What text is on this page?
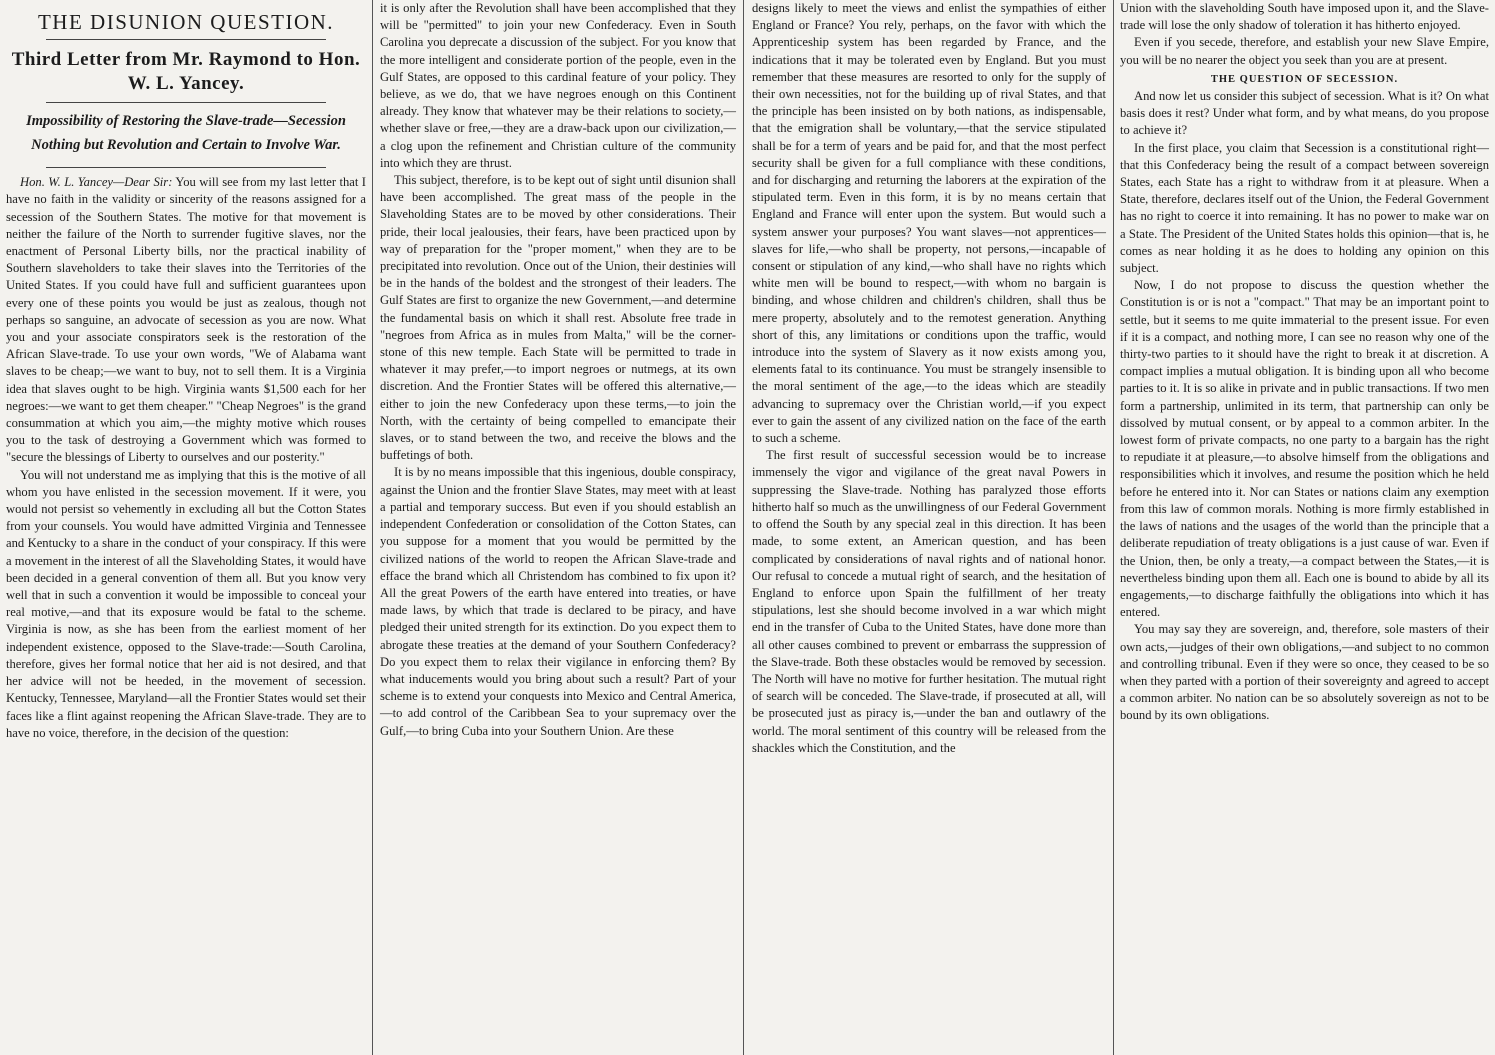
THE DISUNION QUESTION.
Third Letter from Mr. Raymond to Hon. W. L. Yancey.
Impossibility of Restoring the Slave-trade—Secession Nothing but Revolution and Certain to Involve War.

Hon. W. L. Yancey—Dear Sir: You will see from my last letter that I have no faith in the validity or sincerity of the reasons assigned for a secession of the Southern States. The motive for that movement is neither the failure of the North to surrender fugitive slaves, nor the enactment of Personal Liberty bills, nor the practical inability of Southern slaveholders to take their slaves into the Territories of the United States. If you could have full and sufficient guarantees upon every one of these points you would be just as zealous, though not perhaps so sanguine, an advocate of secession as you are now. What you and your associate conspirators seek is the restoration of the African Slave-trade. To use your own words, "We of Alabama want slaves to be cheap;—we want to buy, not to sell them. It is a Virginia idea that slaves ought to be high. Virginia wants $1,500 each for her negroes:—we want to get them cheaper." "Cheap Negroes" is the grand consummation at which you aim,—the mighty motive which rouses you to the task of destroying a Government which was formed to "secure the blessings of Liberty to ourselves and our posterity."

You will not understand me as implying that this is the motive of all whom you have enlisted in the secession movement. If it were, you would not persist so vehemently in excluding all but the Cotton States from your counsels. You would have admitted Virginia and Tennessee and Kentucky to a share in the conduct of your conspiracy. If this were a movement in the interest of all the Slaveholding States, it would have been decided in a general convention of them all. But you know very well that in such a convention it would be impossible to conceal your real motive,—and that its exposure would be fatal to the scheme. Virginia is now, as she has been from the earliest moment of her independent existence, opposed to the Slave-trade:—South Carolina, therefore, gives her formal notice that her aid is not desired, and that her advice will not be heeded, in the movement of secession. Kentucky, Tennessee, Maryland—all the Frontier States would set their faces like a flint against reopening the African Slave-trade. They are to have no voice, therefore, in the decision of the question:

it is only after the Revolution shall have been accomplished that they will be "permitted" to join your new Confederacy. Even in South Carolina you deprecate a discussion of the subject. For you know that the more intelligent and considerate portion of the people, even in the Gulf States, are opposed to this cardinal feature of your policy. They believe, as we do, that we have negroes enough on this Continent already. They know that whatever may be their relations to society,—whether slave or free,—they are a draw-back upon our civilization,—a clog upon the refinement and Christian culture of the community into which they are thrust.

This subject, therefore, is to be kept out of sight until disunion shall have been accomplished. The great mass of the people in the Slaveholding States are to be moved by other considerations. Their pride, their local jealousies, their fears, have been practiced upon by way of preparation for the "proper moment," when they are to be precipitated into revolution. Once out of the Union, their destinies will be in the hands of the boldest and the strongest of their leaders. The Gulf States are first to organize the new Government,—and determine the fundamental basis on which it shall rest. Absolute free trade in "negroes from Africa as in mules from Malta," will be the corner-stone of this new temple. Each State will be permitted to trade in whatever it may prefer,—to import negroes or nutmegs, at its own discretion. And the Frontier States will be offered this alternative,—either to join the new Confederacy upon these terms,—to join the North, with the certainty of being compelled to emancipate their slaves, or to stand between the two, and receive the blows and the buffetings of both.

It is by no means impossible that this ingenious, double conspiracy, against the Union and the frontier Slave States, may meet with at least a partial and temporary success. But even if you should establish an independent Confederation or consolidation of the Cotton States, can you suppose for a moment that you would be permitted by the civilized nations of the world to reopen the African Slave-trade and efface the brand which all Christendom has combined to fix upon it? All the great Powers of the earth have entered into treaties, or have made laws, by which that trade is declared to be piracy, and have pledged their united strength for its extinction. Do you expect them to abrogate these treaties at the demand of your Southern Confederacy? Do you expect them to relax their vigilance in enforcing them? By what inducements would you bring about such a result? Part of your scheme is to extend your conquests into Mexico and Central America,—to add control of the Caribbean Sea to your supremacy over the Gulf,—to bring Cuba into your Southern Union. Are these

designs likely to meet the views and enlist the sympathies of either England or France? You rely, perhaps, on the favor with which the Apprenticeship system has been regarded by France, and the indications that it may be tolerated even by England. But you must remember that these measures are resorted to only for the supply of their own necessities, not for the building up of rival States, and that the principle has been insisted on by both nations, as indispensable, that the emigration shall be voluntary,—that the service stipulated shall be for a term of years and be paid for, and that the most perfect security shall be given for a full compliance with these conditions, and for discharging and returning the laborers at the expiration of the stipulated term. Even in this form, it is by no means certain that England and France will enter upon the system. But would such a system answer your purposes? You want slaves—not apprentices—slaves for life,—who shall be property, not persons,—incapable of consent or stipulation of any kind,—who shall have no rights which white men will be bound to respect,—with whom no bargain is binding, and whose children and children's children, shall thus be mere property, absolutely and to the remotest generation. Anything short of this, any limitations or conditions upon the traffic, would introduce into the system of Slavery as it now exists among you, elements fatal to its continuance. You must be strangely insensible to the moral sentiment of the age,—to the ideas which are steadily advancing to supremacy over the Christian world,—if you expect ever to gain the assent of any civilized nation on the face of the earth to such a scheme.

The first result of successful secession would be to increase immensely the vigor and vigilance of the great naval Powers in suppressing the Slave-trade. Nothing has paralyzed those efforts hitherto half so much as the unwillingness of our Federal Government to offend the South by any special zeal in this direction. It has been made, to some extent, an American question, and has been complicated by considerations of naval rights and of national honor. Our refusal to concede a mutual right of search, and the hesitation of England to enforce upon Spain the fulfillment of her treaty stipulations, lest she should become involved in a war which might end in the transfer of Cuba to the United States, have done more than all other causes combined to prevent or embarrass the suppression of the Slave-trade. Both these obstacles would be removed by secession. The North will have no motive for further hesitation. The mutual right of search will be conceded. The Slave-trade, if prosecuted at all, will be prosecuted just as piracy is,—under the ban and outlawry of the world. The moral sentiment of this country will be released from the shackles which the Constitution, and the

Union with the slaveholding South have imposed upon it, and the Slave-trade will lose the only shadow of toleration it has hitherto enjoyed.

Even if you secede, therefore, and establish your new Slave Empire, you will be no nearer the object you seek than you are at present.

THE QUESTION OF SECESSION.

And now let us consider this subject of secession. What is it? On what basis does it rest? Under what form, and by what means, do you propose to achieve it?

In the first place, you claim that Secession is a constitutional right—that this Confederacy being the result of a compact between sovereign States, each State has a right to withdraw from it at pleasure. When a State, therefore, declares itself out of the Union, the Federal Government has no right to coerce it into remaining. It has no power to make war on a State. The President of the United States holds this opinion—that is, he comes as near holding it as he does to holding any opinion on this subject.

Now, I do not propose to discuss the question whether the Constitution is or is not a "compact." That may be an important point to settle, but it seems to me quite immaterial to the present issue. For even if it is a compact, and nothing more, I can see no reason why one of the thirty-two parties to it should have the right to break it at discretion. A compact implies a mutual obligation. It is binding upon all who become parties to it. It is so alike in private and in public transactions. If two men form a partnership, unlimited in its term, that partnership can only be dissolved by mutual consent, or by appeal to a common arbiter. In the lowest form of private compacts, no one party to a bargain has the right to repudiate it at pleasure,—to absolve himself from the obligations and responsibilities which it involves, and resume the position which he held before he entered into it. Nor can States or nations claim any exemption from this law of common morals. Nothing is more firmly established in the laws of nations and the usages of the world than the principle that a deliberate repudiation of treaty obligations is a just cause of war. Even if the Union, then, be only a treaty,—a compact between the States,—it is nevertheless binding upon them all. Each one is bound to abide by all its engagements,—to discharge faithfully the obligations into which it has entered.

You may say they are sovereign, and, therefore, sole masters of their own acts,—judges of their own obligations,—and subject to no common and controlling tribunal. Even if they were so once, they ceased to be so when they parted with a portion of their sovereignty and agreed to accept a common arbiter. No nation can be so absolutely sovereign as not to be bound by its own obligations.
